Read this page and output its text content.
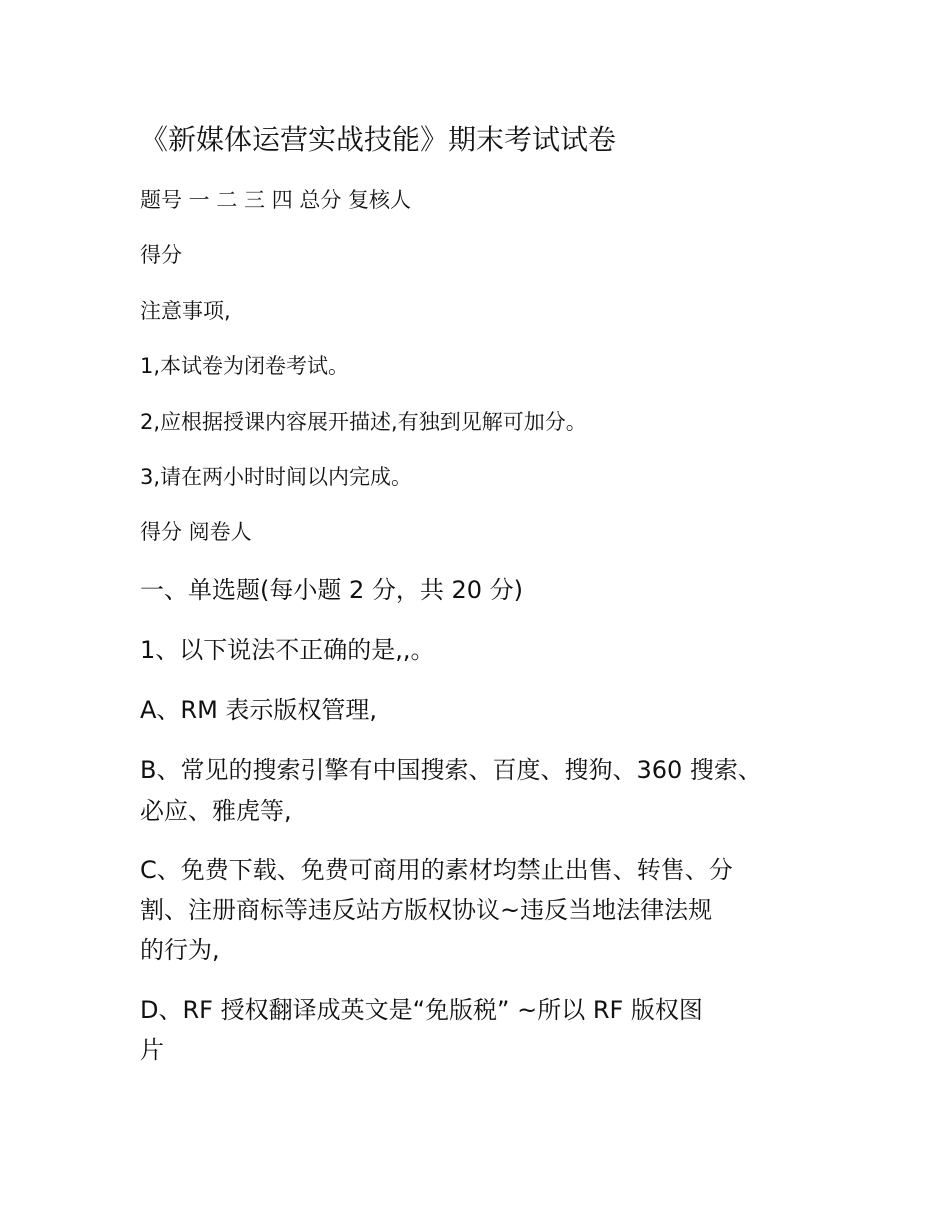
《新媒体运营实战技能》期末考试试卷
题号 一 二 三 四 总分 复核人
得分
注意事项,
1,本试卷为闭卷考试。
2,应根据授课内容展开描述,有独到见解可加分。
3,请在两小时时间以内完成。
得分 阅卷人
一、单选题(每小题 2 分，共 20 分)
1、以下说法不正确的是,,。
A、RM 表示版权管理,
B、常见的搜索引擎有中国搜索、百度、搜狗、360 搜索、
必应、雅虎等,
C、免费下载、免费可商用的素材均禁止出售、转售、分
割、注册商标等违反站方版权协议~违反当地法律法规
的行为,
D、RF 授权翻译成英文是“免版税” ~所以 RF 版权图
片
